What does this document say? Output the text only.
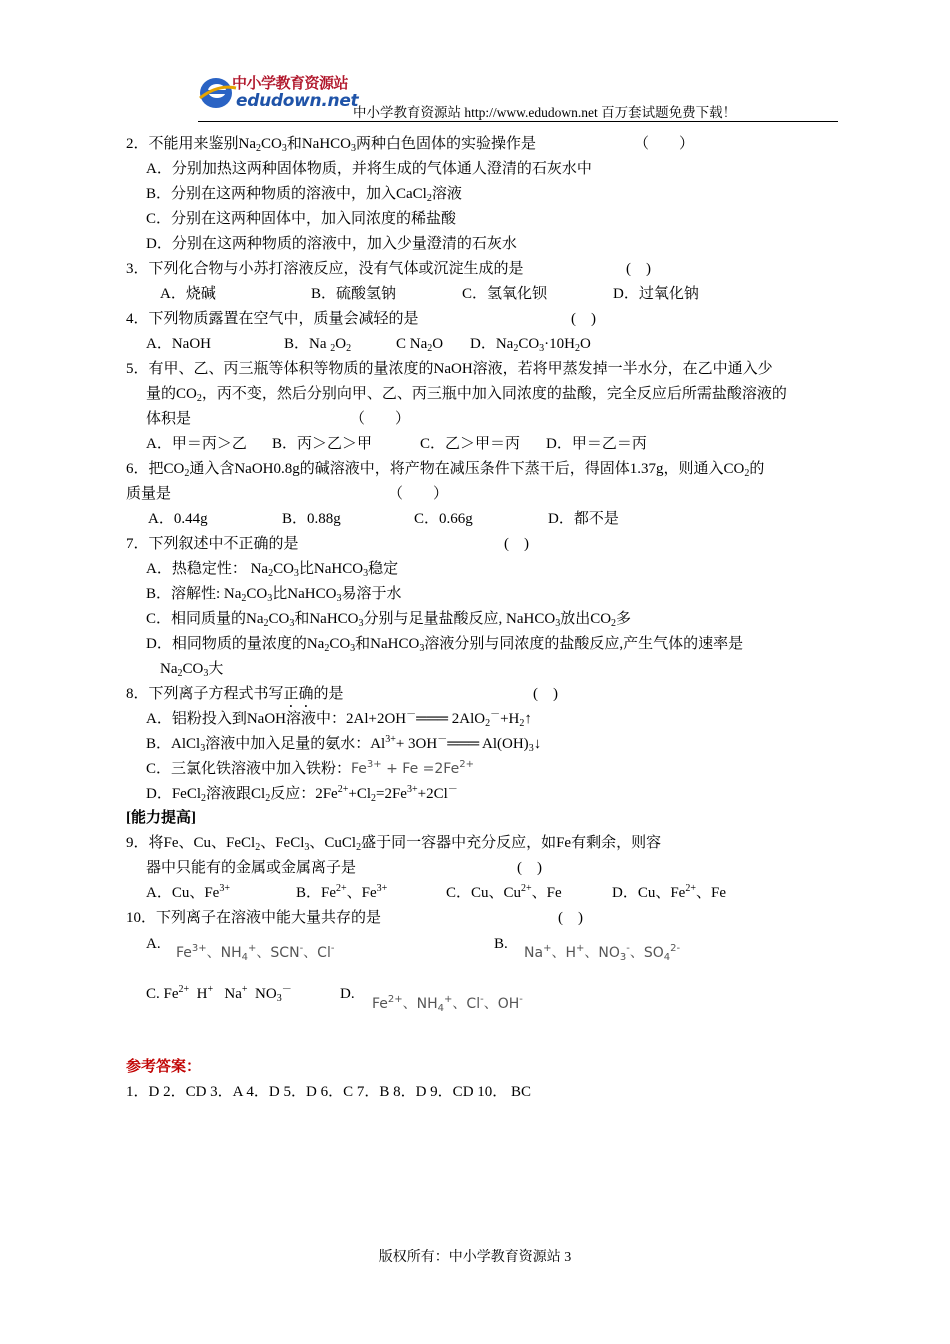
中小学教育资源站
edudown.net
中小学教育资源站 http://www.edudown.net 百万套试题免费下载！
2．不能用来鉴别$Na_2CO_3$和NaHCO$_3$两种白色固体的实验操作是	（　　）
A．分别加热这两种固体物质，并将生成的气体通人澄清的石灰水中
B．分别在这两种物质的溶液中，加入CaCl$_2$溶液
C．分别在这两种固体中，加入同浓度的稀盐酸
D．分别在这两种物质的溶液中，加入少量澄清的石灰水
3．下列化合物与小苏打溶液反应，没有气体或沉淀生成的是	(　)
A．烧碱	B．硫酸氢钠	C．氢氧化钡	D．过氧化钠
4．下列物质露置在空气中，质量会减轻的是	(　)
A．NaOH	B．Na $_2O_2$	C $Na_2O$ D．$Na_2CO_3\cdot 10H_2O$
5．有甲、乙、丙三瓶等体积等物质的量浓度的NaOH溶液，若将甲蒸发掉一半水分，在乙中通入少
量的$CO_2$，丙不变，然后分别向甲、乙、丙三瓶中加入同浓度的盐酸，完全反应后所需盐酸溶液的
体积是	（　　）
A．甲＝丙＞乙 B．丙＞乙＞甲	C．乙＞甲＝丙 D．甲＝乙＝丙
6．把$CO_2$通入含NaOH0.8g的碱溶液中，将产物在减压条件下蒸干后，得固体1.37g，则通入$CO_2$的
质量是	（　　）
A．0.44g	B．0.88g	C．0.66g	D．都不是
7．下列叙述中不正确的是	(　)
A．热稳定性： $Na_2CO_3$比NaHCO$_3$稳定
B．溶解性: $Na_2CO_3$比NaHCO$_3$易溶于水
C．相同质量的$Na_2CO_3$和NaHCO$_3$分别与足量盐酸反应, NaHCO$_3$放出$CO_2$多
D．相同物质的量浓度的$Na_2CO_3$和NaHCO$_3$溶液分别与同浓度的盐酸反应,产生气体的速率是
$Na_2CO_3$大
8．下列离子方程式书写正确的是	(　)
A．铝粉投入到NaOH溶液中：2Al+2OH－═══ $2AlO_2^-+H_2↑$
B．AlCl$_3$溶液中加入足量的氨水：$Al^{3+}+$ 3OH－═══ $Al(OH)_3↓$
C．三氯化铁溶液中加入铁粉：$Fe^{3+} + Fe =2Fe^{2+}$
D．FeCl$_2$溶液跟$Cl_2$反应：$2Fe^{2+}+Cl_2=2Fe^{3+}+2Cl^-$
[能力提高]
9．将Fe、Cu、FeCl$_2$、FeCl$_3$、CuCl$_2$盛于同一容器中充分反应，如Fe有剩余，则容
器中只能有的金属或金属离子是	(　)
A．Cu、$Fe^{3+}$	B．$Fe^{2+}$、$Fe^{3+}$	C．Cu、$Cu^{2+}$、Fe	D．Cu、$Fe^{2+}$、Fe
10．下列离子在溶液中能大量共存的是	(　)
A.
$Fe^{3+}$、$NH_4^+$、SCN-、Cl-	B.
Na+、H+、$NO_3^-$、$SO_4^{2-}$
C. $Fe^{2+}$  H+   Na+  $NO_3^-$	D.
$Fe^{2+}$、$NH_4^+$、Cl-、OH-
参考答案：
1．D 2．CD 3．A 4．D 5．D 6．C 7．B 8．D 9．CD 10． BC
版权所有：中小学教育资源站 3
